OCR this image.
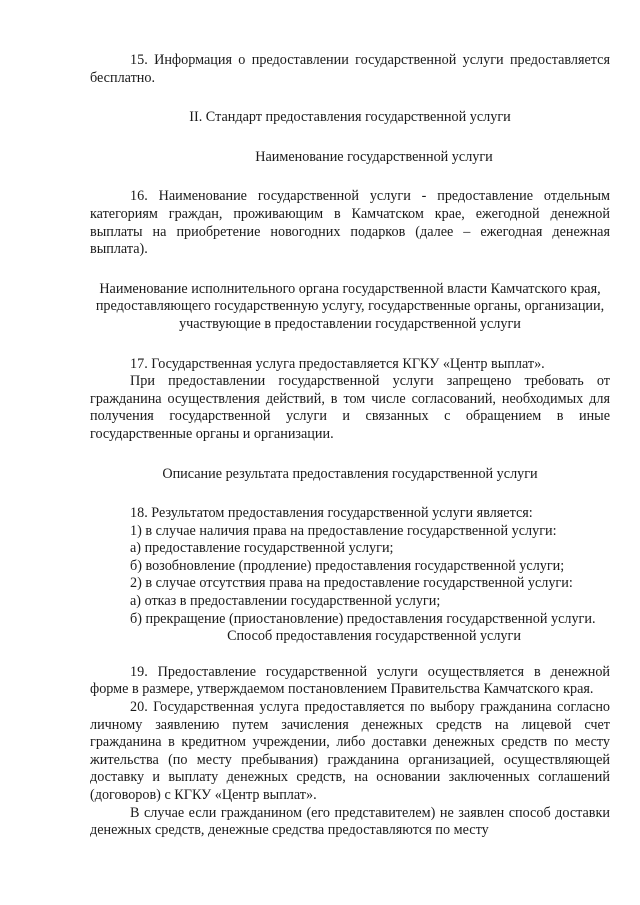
15. Информация о предоставлении государственной услуги предоставляется бесплатно.

II. Стандарт предоставления государственной услуги

Наименование государственной услуги

16. Наименование государственной услуги - предоставление отдельным категориям граждан, проживающим в Камчатском крае, ежегодной денежной выплаты на приобретение новогодних подарков (далее – ежегодная денежная выплата).

Наименование исполнительного органа государственной власти Камчатского края, предоставляющего государственную услугу, государственные органы, организации, участвующие в предоставлении государственной услуги

17. Государственная услуга предоставляется КГКУ «Центр выплат».

При предоставлении государственной услуги запрещено требовать от гражданина осуществления действий, в том числе согласований, необходимых для получения государственной услуги и связанных с обращением в иные государственные органы и организации.

Описание результата предоставления государственной услуги

18. Результатом предоставления государственной услуги является:

1) в случае наличия права на предоставление государственной услуги:

а) предоставление государственной услуги;

б) возобновление (продление) предоставления государственной услуги;

2) в случае отсутствия права на предоставление государственной услуги:

а) отказ в предоставлении государственной услуги;

б) прекращение (приостановление) предоставления государственной услуги.

Способ предоставления государственной услуги

19. Предоставление государственной услуги осуществляется в денежной форме в размере, утверждаемом постановлением Правительства Камчатского края.

20. Государственная услуга предоставляется по выбору гражданина согласно личному заявлению путем зачисления денежных средств на лицевой счет гражданина в кредитном учреждении, либо доставки денежных средств по месту жительства (по месту пребывания) гражданина организацией, осуществляющей доставку и выплату денежных средств, на основании заключенных соглашений (договоров) с КГКУ «Центр выплат».

В случае если гражданином (его представителем) не заявлен способ доставки денежных средств, денежные средства предоставляются по месту
